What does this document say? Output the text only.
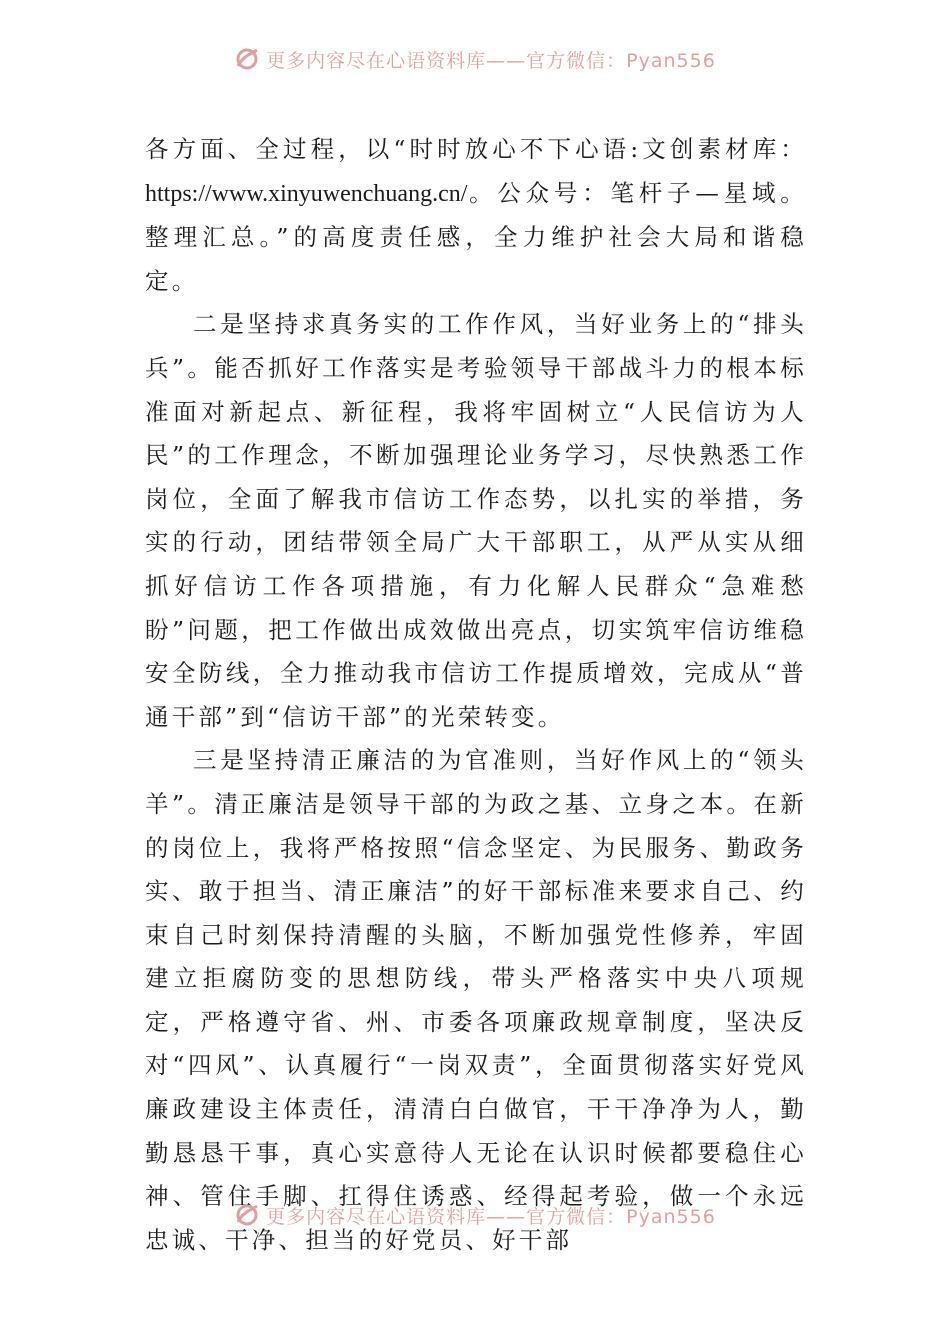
更多内容尽在心语资料库——官方微信：Pyan556

各方面、全过程，以“时时放心不下心语:文创素材库：https://www.xinyuwenchuang.cn/。公众号：笔杆子—星域。整理汇总。”的高度责任感，全力维护社会大局和谐稳定。

二是坚持求真务实的工作作风，当好业务上的“排头兵”。能否抓好工作落实是考验领导干部战斗力的根本标准面对新起点、新征程，我将牢固树立“人民信访为人民”的工作理念，不断加强理论业务学习，尽快熟悉工作岗位，全面了解我市信访工作态势，以扎实的举措，务实的行动，团结带领全局广大干部职工，从严从实从细抓好信访工作各项措施，有力化解人民群众“急难愁盼”问题，把工作做出成效做出亮点，切实筑牢信访维稳安全防线，全力推动我市信访工作提质增效，完成从“普通干部”到“信访干部”的光荣转变。

三是坚持清正廉洁的为官准则，当好作风上的“领头羊”。清正廉洁是领导干部的为政之基、立身之本。在新的岗位上，我将严格按照“信念坚定、为民服务、勤政务实、敢于担当、清正廉洁”的好干部标准来要求自己、约束自己时刻保持清醒的头脑，不断加强党性修养，牢固建立拒腐防变的思想防线，带头严格落实中央八项规定，严格遵守省、州、市委各项廉政规章制度，坚决反对“四风”、认真履行“一岗双责”，全面贯彻落实好党风廉政建设主体责任，清清白白做官，干干净净为人，勤勤恳恳干事，真心实意待人无论在认识时候都要稳住心神、管住手脚、扛得住诱惑、经得起考验，做一个永远忠诚、干净、担当的好党员、好干部

更多内容尽在心语资料库——官方微信：Pyan556
